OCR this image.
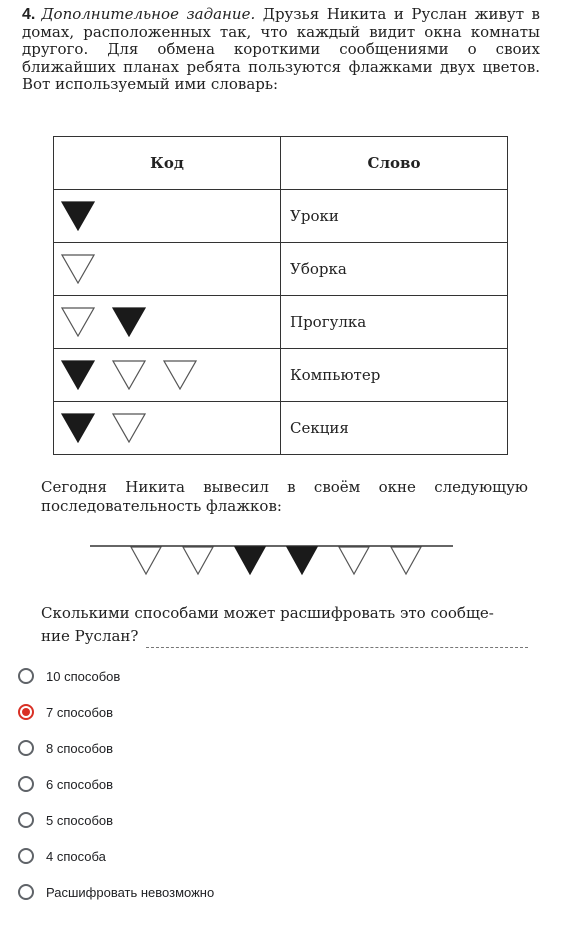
4. Дополнительное задание. Друзья Никита и Руслан живут в домах, расположенных так, что каждый видит окна комнаты другого. Для обмена короткими сообщениями о своих ближайших планах ребята пользуются флажками двух цветов. Вот используемый ими словарь:
Код	Слово

	Уроки

	Уборка

	Прогулка

	Компьютер

	Секция
Сегодня Никита вывесил в своём окне следующую последовательность флажков:
Сколькими способами может расшифровать это сообще-
ние Руслан?
10 способов
7 способов
8 способов
6 способов
5 способов
4 способа
Расшифровать невозможно
